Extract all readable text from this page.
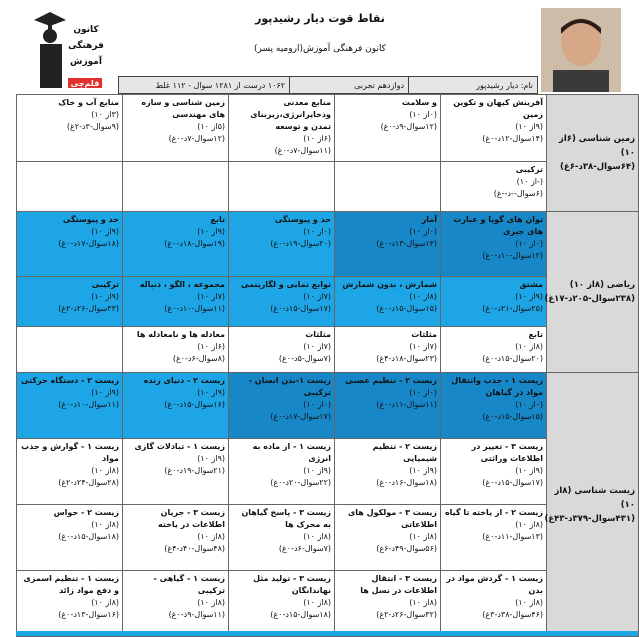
نقاط قوت دیار رشیدپور
کانون فرهنگی آموزش(ارومیه پسر)
کانون
فرهنگی
آموزش
قلم‌چی	نام: دیار رشیدپور
دوازدهم تجربی
۱۰۶۲ درست از ۱۲۸۱ سوال - ۱۱۲ غلط
زمین شناسی (۶از ۱۰) (۶۴سوال-۳۸د-۶غ)	آفرینش کیهان و تکوین زمین
(۹از ۱۰)
(۱۴سوال-۱۲د-۰غ)	و سلامت
(۰از ۱۰)
(۱۲سوال-۹د-۰غ)	منابع معدنی وذخایرانرژی،زیربنای تمدن و توسعه
(۶از ۱۰)
(۱۱سوال-۷د-۰غ)	زمین شناسی و سازه های مهندسی
(۵از ۱۰)
(۱۲سوال-۷د-۰غ)	منابع آب و خاک
(۳از ۱۰)
(۹سوال-۳د-۲غ)

	ترکیبی
(-از ۱۰)
(۶سوال--د--غ)				

ریاضی (۸از ۱۰) (۲۳۸سوال-۲۰۵د-۱۷غ)	توان های گویا و عبارت های جبری
(۰از ۱۰)
(۱۲سوال-۱۰د-۰غ)	آمار
(۰از ۱۰)
(۱۳سوال-۱۳د-۰غ)	حد و پیوستگی
(۰از ۱۰)
(۲۰سوال-۱۹د-۰غ)	تابع
(۹از ۱۰)
(۱۹سوال-۱۸د-۰غ)	حد و پیوستگی
(۹از ۱۰)
(۱۸سوال-۱۷د-۰غ)

	مشتق
(۹از ۱۰)
(۲۵سوال-۲۱د-۰غ)	شمارش ، بدون شمارش
(۸از ۱۰)
(۱۵سوال-۱۵د-۰غ)	توابع نمایی و لگاریتمی
(۷از ۱۰)
(۱۷سوال-۱۵د-۰غ)	مجموعه ، الگو ، دنباله
(۷از ۱۰)
(۱۱سوال-۱۰د-۰غ)	ترکیبی
(۹از ۱۰)
(۳۳سوال-۲۶د-۲غ)

	تابع
(۸از ۱۰)
(۲۰سوال-۱۵د-۰غ)	مثلثات
(۷از ۱۰)
(۲۳سوال-۱۸د-۴غ)	مثلثات
(۷از ۱۰)
(۷سوال-۵د-۰غ)	معادله ها و نامعادله ها
(۶از ۱۰)
(۸سوال-۶د-۰غ)	

زیست شناسی (۸از ۱۰) (۴۳۱سوال-۳۷۹د-۴۳غ)	زیست ۱ - جذب وانتقال مواد در گیاهان
(۰از ۱۰)
(۱۵سوال-۱۵د-۰غ)	زیست ۲ - تنظیم عصبی
(۰از ۱۰)
(۱۱سوال-۱۱د-۰غ)	زیست ۱-بدن انسان - ترکیبی
(۰از ۱۰)
(۱۷سوال-۱۷د-۰غ)	زیست ۲ - دنیای زنده
(۹از ۱۰)
(۱۶سوال-۱۵د-۰غ)	زیست ۲ - دستگاه حرکتی
(۹از ۱۰)
(۱۱سوال-۱۰د-۰غ)

	زیست ۳ - تغییر در اطلاعات وراثتی
(۹از ۱۰)
(۱۷سوال-۱۵د-۰غ)	زیست ۲ - تنظیم شیمیایی
(۹از ۱۰)
(۱۸سوال-۱۶د-۰غ)	زیست ۱ - از ماده به انرژی
(۹از ۱۰)
(۲۲سوال-۲۰د-۰غ)	زیست ۱ - تبادلات گازی
(۹از ۱۰)
(۲۱سوال-۱۹د-۰غ)	زیست ۱ - گوارش و جذب مواد
(۸از ۱۰)
(۲۸سوال-۲۴د-۲غ)

	زیست ۲ - از یاخته تا گیاه
(۸از ۱۰)
(۱۳سوال-۱۱د-۰غ)	زیست ۳ - مولکول های اطلاعاتی
(۸از ۱۰)
(۵۶سوال-۴۹د-۶غ)	زیست ۳ - پاسخ گیاهان به محرک ها
(۸از ۱۰)
(۷سوال-۶د-۰غ)	زیست ۳ - جریان اطلاعات در یاخته
(۸از ۱۰)
(۴۸سوال-۴۰د-۴غ)	زیست ۲ - حواس
(۸از ۱۰)
(۱۸سوال-۱۵د-۰غ)

	زیست ۱ - گردش مواد در بدن
(۸از ۱۰)
(۴۶سوال-۳۸د-۳غ)	زیست ۳ - انتقال اطلاعات در نسل ها
(۸از ۱۰)
(۳۲سوال-۲۶د-۲غ)	زیست ۳ - تولید مثل نهاندانگان
(۸از ۱۰)
(۱۸سوال-۱۵د-۰غ)	زیست ۱ - گیاهی - ترکیبی
(۸از ۱۰)
(۱۱سوال-۹د-۰غ)	زیست ۱ - تنظیم اسمزی و دفع مواد زائد
(۸از ۱۰)
(۱۶سوال-۱۳د-۰غ)
